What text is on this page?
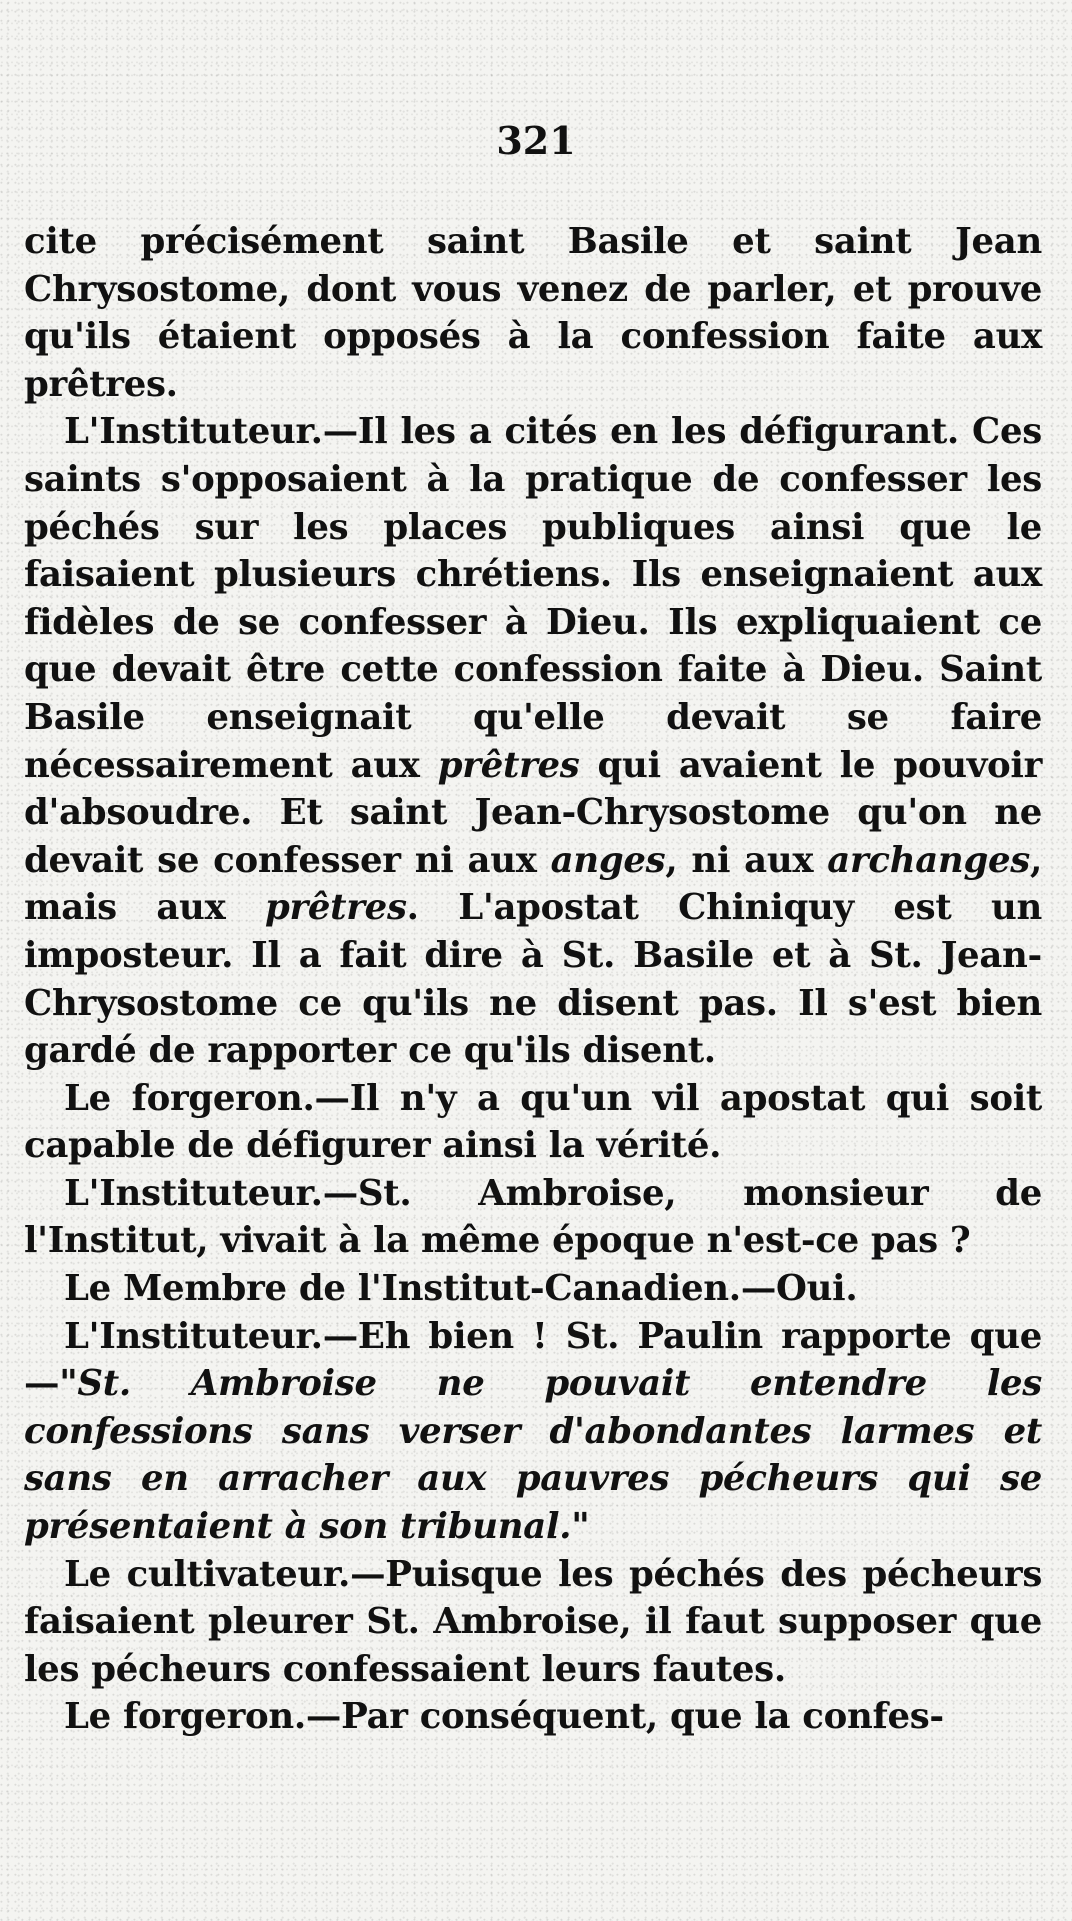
321

cite précisément saint Basile et saint Jean Chrysostome, dont vous venez de parler, et prouve qu'ils étaient opposés à la confession faite aux prêtres.

L'Instituteur.—Il les a cités en les défigurant. Ces saints s'opposaient à la pratique de confesser les péchés sur les places publiques ainsi que le faisaient plusieurs chrétiens. Ils enseignaient aux fidèles de se confesser à Dieu. Ils expliquaient ce que devait être cette confession faite à Dieu. Saint Basile enseignait qu'elle devait se faire nécessairement aux prêtres qui avaient le pouvoir d'absoudre. Et saint Jean-Chrysostome qu'on ne devait se confesser ni aux anges, ni aux archanges, mais aux prêtres. L'apostat Chiniquy est un imposteur. Il a fait dire à St. Basile et à St. Jean-Chrysostome ce qu'ils ne disent pas. Il s'est bien gardé de rapporter ce qu'ils disent.

Le forgeron.—Il n'y a qu'un vil apostat qui soit capable de défigurer ainsi la vérité.

L'Instituteur.—St. Ambroise, monsieur de l'Institut, vivait à la même époque n'est-ce pas ?

Le Membre de l'Institut-Canadien.—Oui.

L'Instituteur.—Eh bien ! St. Paulin rapporte que—"St. Ambroise ne pouvait entendre les confessions sans verser d'abondantes larmes et sans en arracher aux pauvres pécheurs qui se présentaient à son tribunal."

Le cultivateur.—Puisque les péchés des pécheurs faisaient pleurer St. Ambroise, il faut supposer que les pécheurs confessaient leurs fautes.

Le forgeron.—Par conséquent, que la confes-
